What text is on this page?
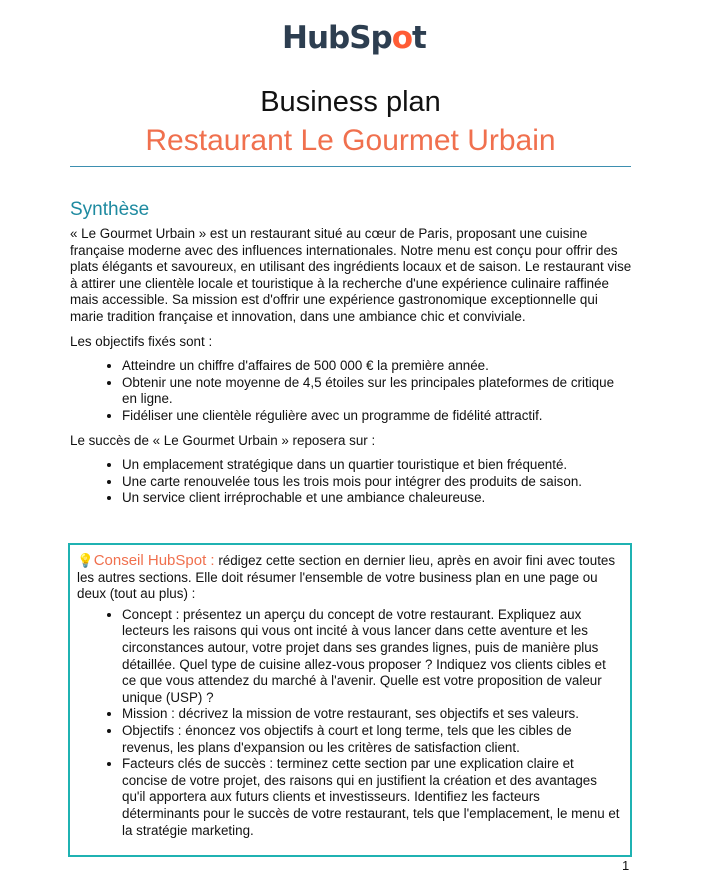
HubSpot
Business plan
Restaurant Le Gourmet Urbain
Synthèse

« Le Gourmet Urbain » est un restaurant situé au cœur de Paris, proposant une cuisine française moderne avec des influences internationales. Notre menu est conçu pour offrir des plats élégants et savoureux, en utilisant des ingrédients locaux et de saison. Le restaurant vise à attirer une clientèle locale et touristique à la recherche d'une expérience culinaire raffinée mais accessible. Sa mission est d'offrir une expérience gastronomique exceptionnelle qui marie tradition française et innovation, dans une ambiance chic et conviviale.

Les objectifs fixés sont :

• Atteindre un chiffre d'affaires de 500 000 € la première année.
• Obtenir une note moyenne de 4,5 étoiles sur les principales plateformes de critique en ligne.
• Fidéliser une clientèle régulière avec un programme de fidélité attractif.

Le succès de « Le Gourmet Urbain » reposera sur :

• Un emplacement stratégique dans un quartier touristique et bien fréquenté.
• Une carte renouvelée tous les trois mois pour intégrer des produits de saison.
• Un service client irréprochable et une ambiance chaleureuse.
💡Conseil HubSpot : rédigez cette section en dernier lieu, après en avoir fini avec toutes les autres sections. Elle doit résumer l'ensemble de votre business plan en une page ou deux (tout au plus) :
• Concept : présentez un aperçu du concept de votre restaurant. Expliquez aux lecteurs les raisons qui vous ont incité à vous lancer dans cette aventure et les circonstances autour, votre projet dans ses grandes lignes, puis de manière plus détaillée. Quel type de cuisine allez-vous proposer ? Indiquez vos clients cibles et ce que vous attendez du marché à l'avenir. Quelle est votre proposition de valeur unique (USP) ?
• Mission : décrivez la mission de votre restaurant, ses objectifs et ses valeurs.
• Objectifs : énoncez vos objectifs à court et long terme, tels que les cibles de revenus, les plans d'expansion ou les critères de satisfaction client.
• Facteurs clés de succès : terminez cette section par une explication claire et concise de votre projet, des raisons qui en justifient la création et des avantages qu'il apportera aux futurs clients et investisseurs. Identifiez les facteurs déterminants pour le succès de votre restaurant, tels que l'emplacement, le menu et la stratégie marketing.
1
